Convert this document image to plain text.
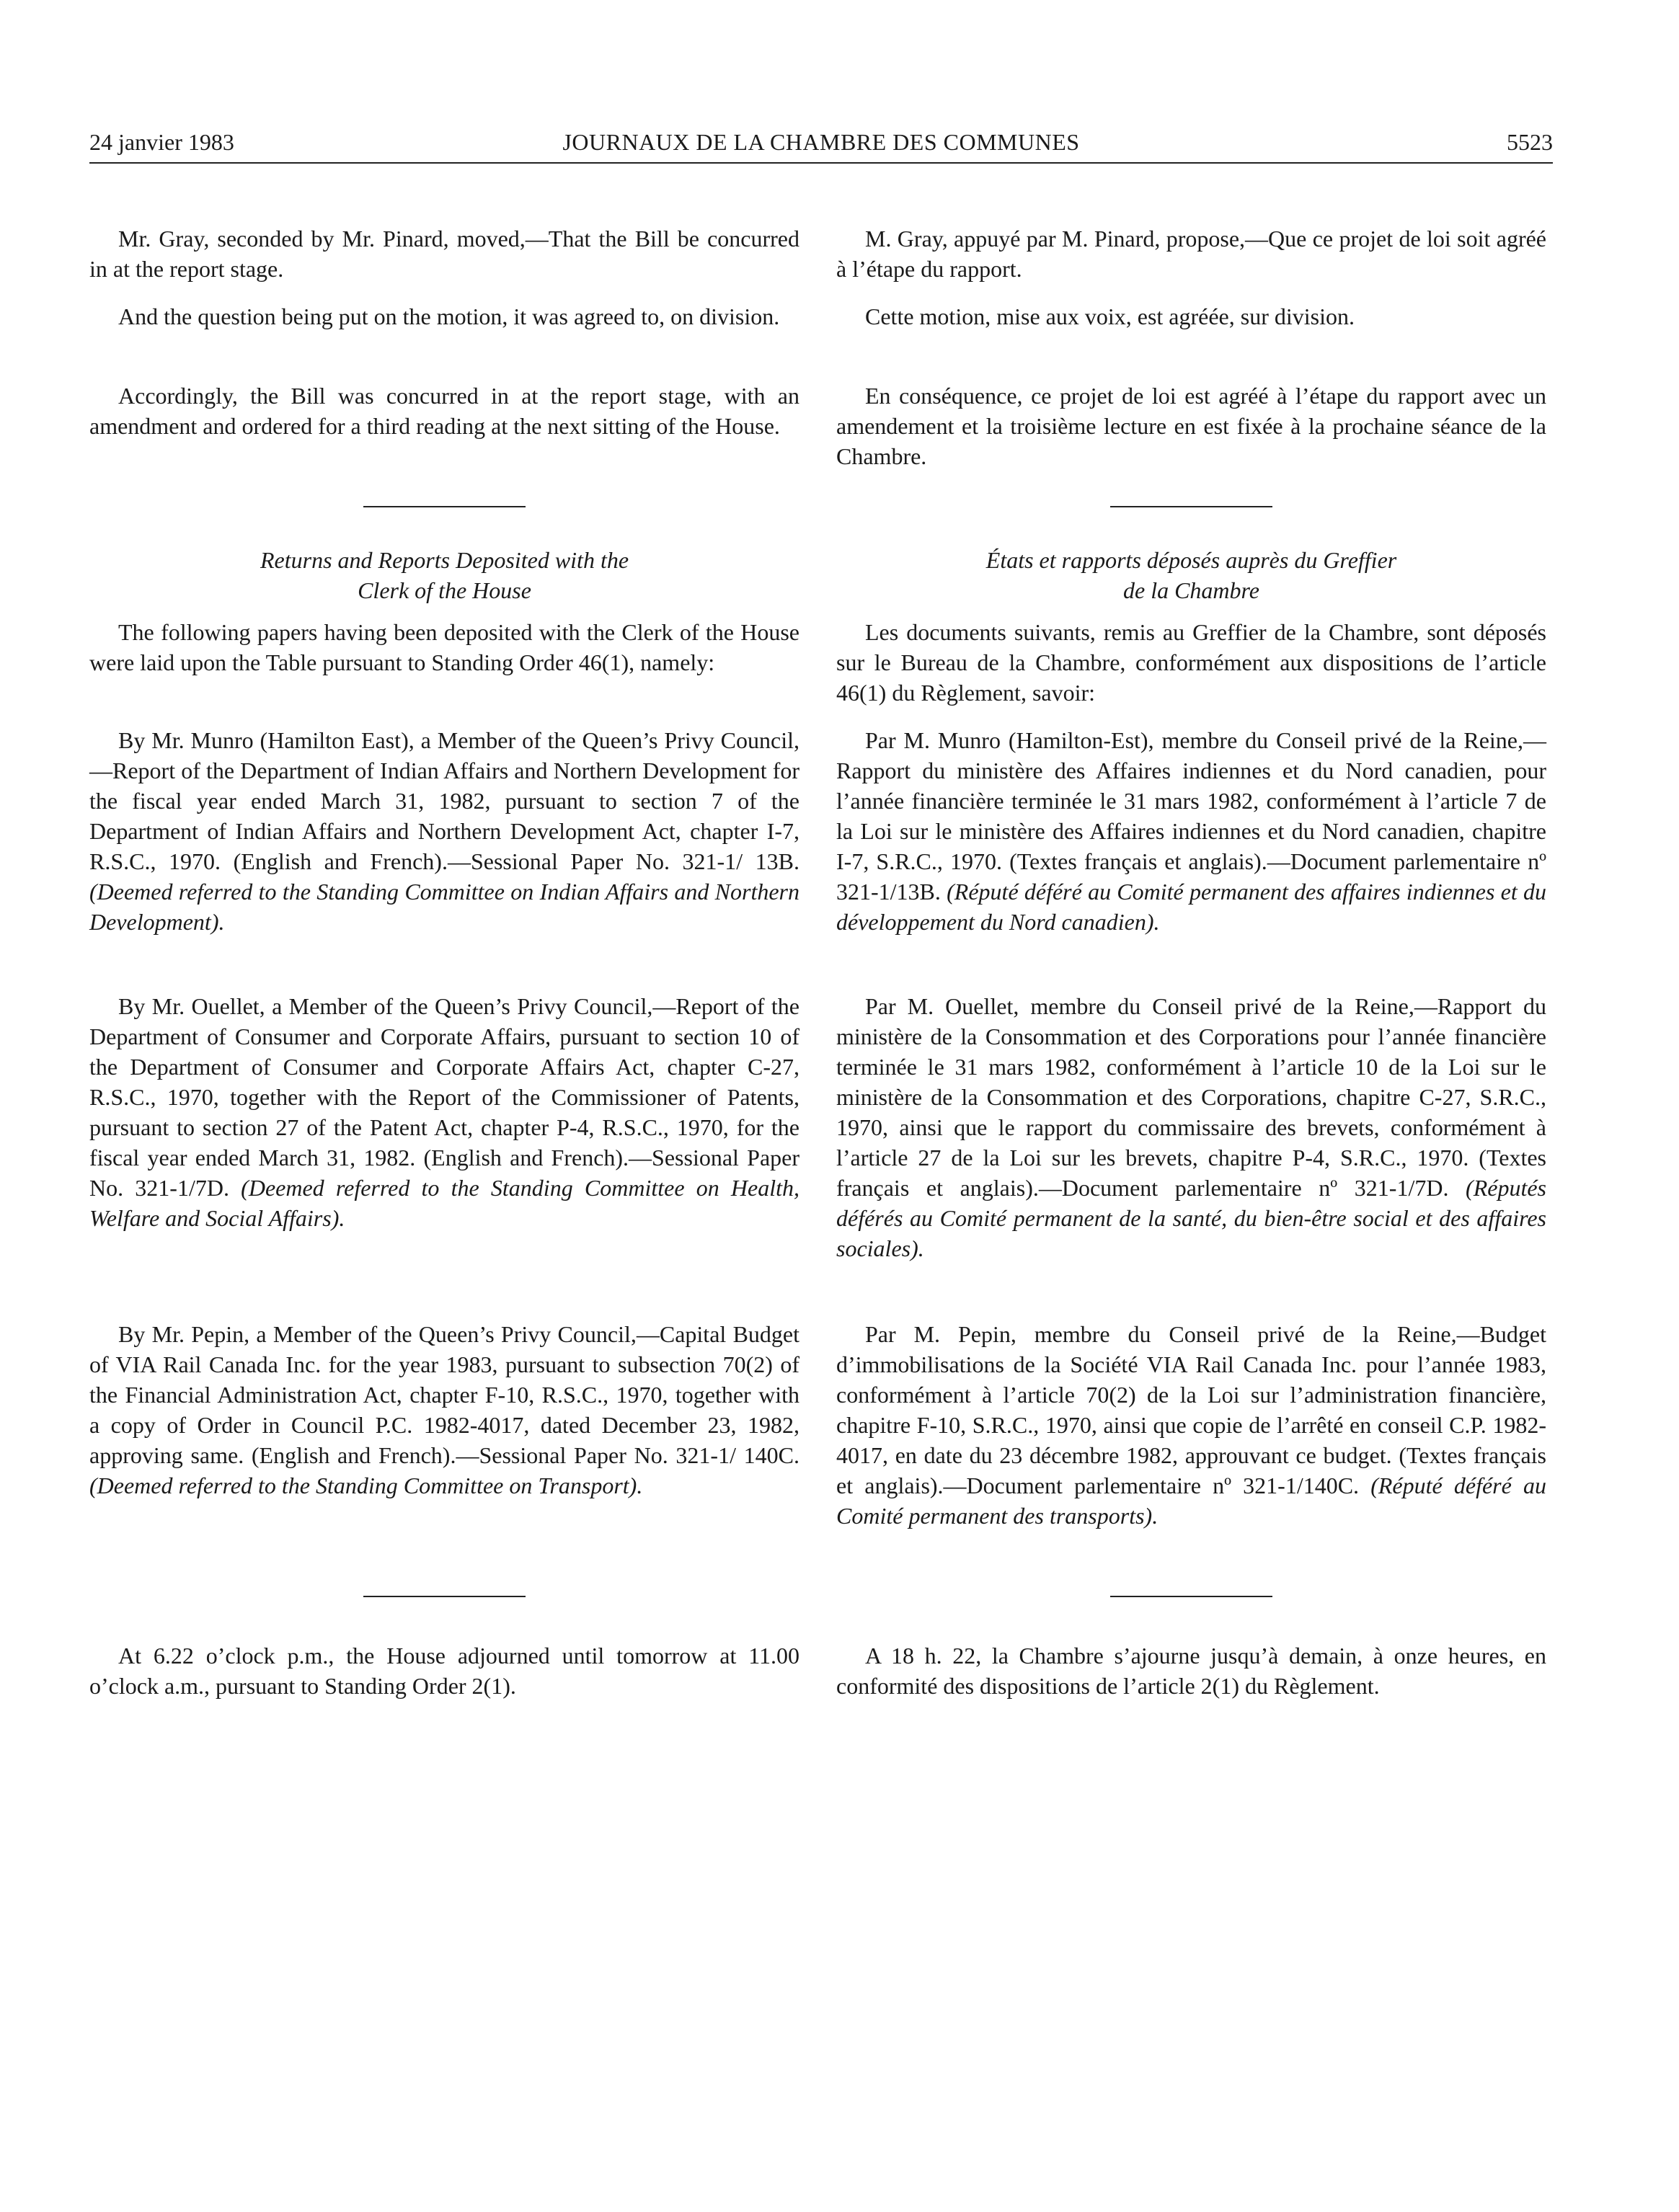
24 janvier 1983	JOURNAUX DE LA CHAMBRE DES COMMUNES	5523

Mr. Gray, seconded by Mr. Pinard, moved,—That the Bill be concurred in at the report stage.

And the question being put on the motion, it was agreed to, on division.

Accordingly, the Bill was concurred in at the report stage, with an amendment and ordered for a third reading at the next sitting of the House.

Returns and Reports Deposited with the

Clerk of the House

The following papers having been deposited with the Clerk of the House were laid upon the Table pursuant to Standing Order 46(1), namely:

By Mr. Munro (Hamilton East), a Member of the Queen’s Privy Council,—Report of the Department of Indian Affairs and Northern Development for the fiscal year ended March 31, 1982, pursuant to section 7 of the Department of Indian Affairs and Northern Development Act, chapter I-7, R.S.C., 1970. (English and French).—Sessional Paper No. 321-1/ 13B. (Deemed referred to the Standing Committee on Indian Affairs and Northern Development).

By Mr. Ouellet, a Member of the Queen’s Privy Council,—Report of the Department of Consumer and Corporate Affairs, pursuant to section 10 of the Department of Consumer and Corporate Affairs Act, chapter C-27, R.S.C., 1970, together with the Report of the Commissioner of Patents, pursuant to section 27 of the Patent Act, chapter P-4, R.S.C., 1970, for the fiscal year ended March 31, 1982. (English and French).—Sessional Paper No. 321-1/7D. (Deemed referred to the Standing Committee on Health, Welfare and Social Affairs).

By Mr. Pepin, a Member of the Queen’s Privy Council,—Capital Budget of VIA Rail Canada Inc. for the year 1983, pursuant to subsection 70(2) of the Financial Administration Act, chapter F-10, R.S.C., 1970, together with a copy of Order in Council P.C. 1982-4017, dated December 23, 1982, approving same. (English and French).—Sessional Paper No. 321-1/ 140C. (Deemed referred to the Standing Committee on Transport).

At 6.22 o’clock p.m., the House adjourned until tomorrow at 11.00 o’clock a.m., pursuant to Standing Order 2(1).

M. Gray, appuyé par M. Pinard, propose,—Que ce projet de loi soit agréé à l’étape du rapport.

Cette motion, mise aux voix, est agréée, sur division.

En conséquence, ce projet de loi est agréé à l’étape du rapport avec un amendement et la troisième lecture en est fixée à la prochaine séance de la Chambre.

États et rapports déposés auprès du Greffier

de la Chambre

Les documents suivants, remis au Greffier de la Chambre, sont déposés sur le Bureau de la Chambre, conformément aux dispositions de l’article 46(1) du Règlement, savoir:

Par M. Munro (Hamilton-Est), membre du Conseil privé de la Reine,—Rapport du ministère des Affaires indiennes et du Nord canadien, pour l’année financière terminée le 31 mars 1982, conformément à l’article 7 de la Loi sur le ministère des Affaires indiennes et du Nord canadien, chapitre I-7, S.R.C., 1970. (Textes français et anglais).—Document parlementaire nº 321-1/13B. (Réputé déféré au Comité permanent des affaires indiennes et du développement du Nord canadien).

Par M. Ouellet, membre du Conseil privé de la Reine,—Rapport du ministère de la Consommation et des Corporations pour l’année financière terminée le 31 mars 1982, conformément à l’article 10 de la Loi sur le ministère de la Consommation et des Corporations, chapitre C-27, S.R.C., 1970, ainsi que le rapport du commissaire des brevets, conformément à l’article 27 de la Loi sur les brevets, chapitre P-4, S.R.C., 1970. (Textes français et anglais).—Document parlementaire nº 321-1/7D. (Réputés déférés au Comité permanent de la santé, du bien-être social et des affaires sociales).

Par M. Pepin, membre du Conseil privé de la Reine,—Budget d’immobilisations de la Société VIA Rail Canada Inc. pour l’année 1983, conformément à l’article 70(2) de la Loi sur l’administration financière, chapitre F-10, S.R.C., 1970, ainsi que copie de l’arrêté en conseil C.P. 1982-4017, en date du 23 décembre 1982, approuvant ce budget. (Textes français et anglais).—Document parlementaire nº 321-1/140C. (Réputé déféré au Comité permanent des transports).

A 18 h. 22, la Chambre s’ajourne jusqu’à demain, à onze heures, en conformité des dispositions de l’article 2(1) du Règlement.
